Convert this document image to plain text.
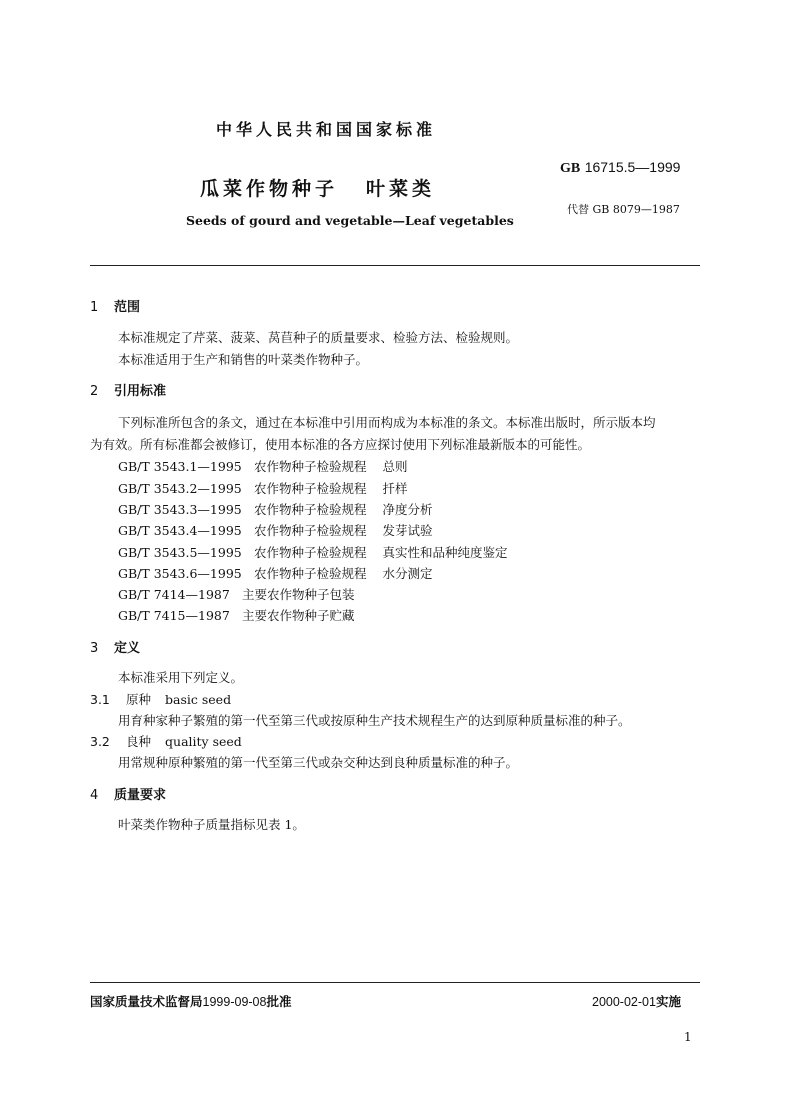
中华人民共和国国家标准
瓜菜作物种子 叶菜类
Seeds of gourd and vegetable—Leaf vegetables
GB 16715.5—1999
代替 GB 8079—1987
1 范围
本标准规定了芹菜、菠菜、莴苣种子的质量要求、检验方法、检验规则。
本标准适用于生产和销售的叶菜类作物种子。
2 引用标准
下列标准所包含的条文，通过在本标准中引用而构成为本标准的条文。本标准出版时，所示版本均
为有效。所有标准都会被修订，使用本标准的各方应探讨使用下列标准最新版本的可能性。
GB/T 3543.1—1995 农作物种子检验规程 总则
GB/T 3543.2—1995 农作物种子检验规程 扦样
GB/T 3543.3—1995 农作物种子检验规程 净度分析
GB/T 3543.4—1995 农作物种子检验规程 发芽试验
GB/T 3543.5—1995 农作物种子检验规程 真实性和品种纯度鉴定
GB/T 3543.6—1995 农作物种子检验规程 水分测定
GB/T 7414—1987 主要农作物种子包装
GB/T 7415—1987 主要农作物种子贮藏
3 定义
本标准采用下列定义。
3.1 原种 basic seed
用育种家种子繁殖的第一代至第三代或按原种生产技术规程生产的达到原种质量标准的种子。
3.2 良种 quality seed
用常规种原种繁殖的第一代至第三代或杂交种达到良种质量标准的种子。
4 质量要求
叶菜类作物种子质量指标见表 1。
国家质量技术监督局1999-09-08批准	2000-02-01实施
1
